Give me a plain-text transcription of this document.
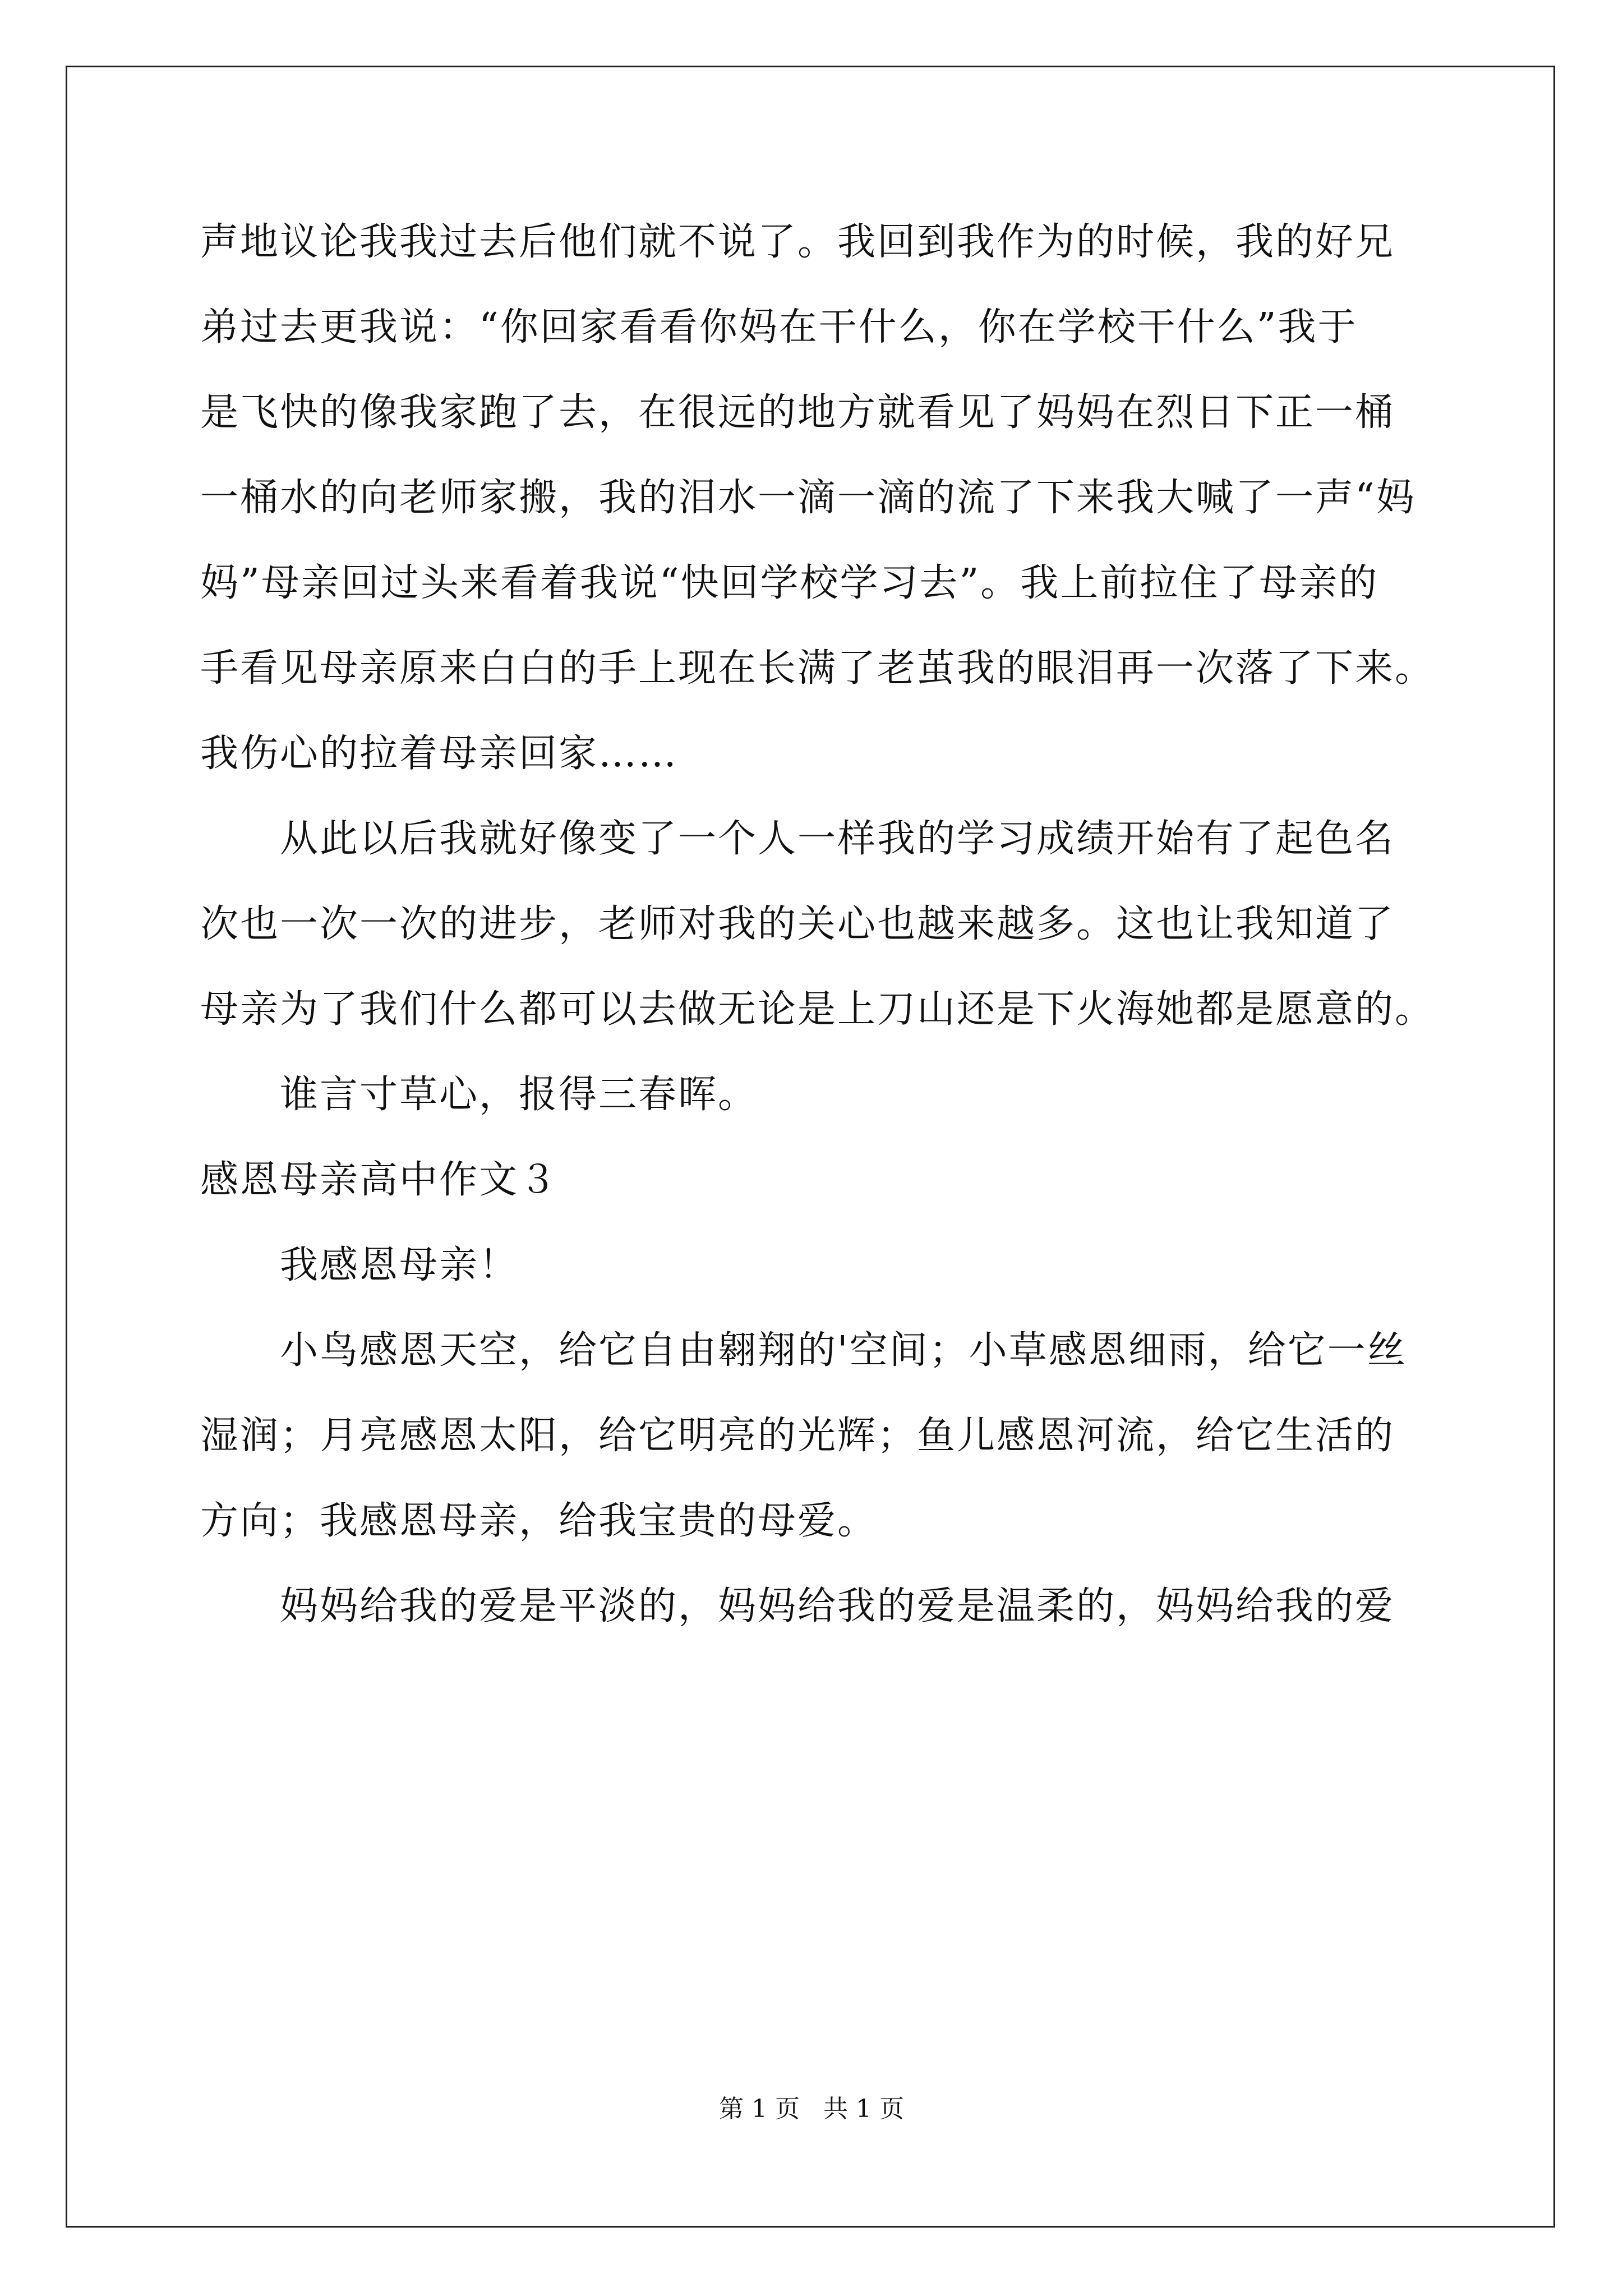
声地议论我我过去后他们就不说了。我回到我作为的时候，我的好兄
弟过去更我说：“你回家看看你妈在干什么，你在学校干什么”我于
是飞快的像我家跑了去，在很远的地方就看见了妈妈在烈日下正一桶
一桶水的向老师家搬，我的泪水一滴一滴的流了下来我大喊了一声“妈
妈”母亲回过头来看着我说“快回学校学习去”。我上前拉住了母亲的
手看见母亲原来白白的手上现在长满了老茧我的眼泪再一次落了下来。
我伤心的拉着母亲回家……
从此以后我就好像变了一个人一样我的学习成绩开始有了起色名
次也一次一次的进步，老师对我的关心也越来越多。这也让我知道了
母亲为了我们什么都可以去做无论是上刀山还是下火海她都是愿意的。
谁言寸草心，报得三春晖。
感恩母亲高中作文３
我感恩母亲！
小鸟感恩天空，给它自由翱翔的'空间；小草感恩细雨，给它一丝
湿润；月亮感恩太阳，给它明亮的光辉；鱼儿感恩河流，给它生活的
方向；我感恩母亲，给我宝贵的母爱。
妈妈给我的爱是平淡的，妈妈给我的爱是温柔的，妈妈给我的爱
第 1 页   共 1 页
